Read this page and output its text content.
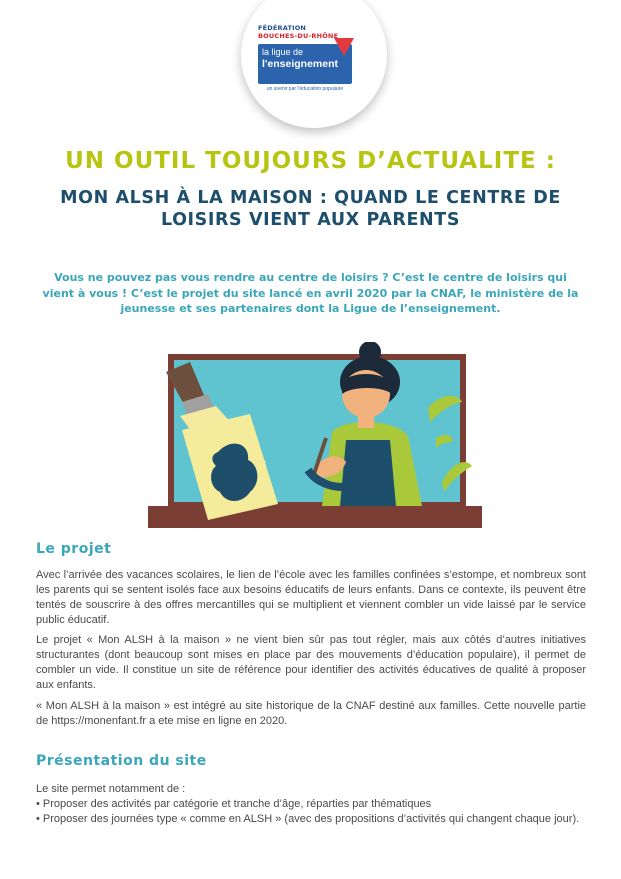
FÉDÉRATION
BOUCHES-DU-RHÔNE
la ligue de
l'enseignement
un avenir par l'éducation populaire
UN OUTIL TOUJOURS D’ACTUALITE :
MON ALSH À LA MAISON : QUAND LE CENTRE DE LOISIRS VIENT AUX PARENTS
Vous ne pouvez pas vous rendre au centre de loisirs ? C’est le centre de loisirs qui vient à vous ! C’est le projet du site lancé en avril 2020 par la CNAF, le ministère de la jeunesse et ses partenaires dont la Ligue de l’enseignement.
Le projet
Avec l’arrivée des vacances scolaires, le lien de l’école avec les familles confinées s’estompe, et nombreux sont les parents qui se sentent isolés face aux besoins éducatifs de leurs enfants. Dans ce contexte, ils peuvent être tentés de souscrire à des offres mercantilles qui se multiplient et viennent combler un vide laissé par le service public éducatif.
Le projet « Mon ALSH à la maison » ne vient bien sûr pas tout régler, mais aux côtés d’autres initiatives structurantes (dont beaucoup sont mises en place par des mouvements d’éducation populaire), il permet de combler un vide. Il constitue un site de référence pour identifier des activités éducatives de qualité à proposer aux enfants.
« Mon ALSH à la maison » est intégré au site historique de la CNAF destiné aux familles. Cette nouvelle partie de https://monenfant.fr a ete mise en ligne en 2020.
Présentation du site

Le site permet notamment de :

• Proposer des activités par catégorie et tranche d’âge, réparties par thématiques

• Proposer des journées type « comme en ALSH » (avec des propositions d’activités qui changent chaque jour).
